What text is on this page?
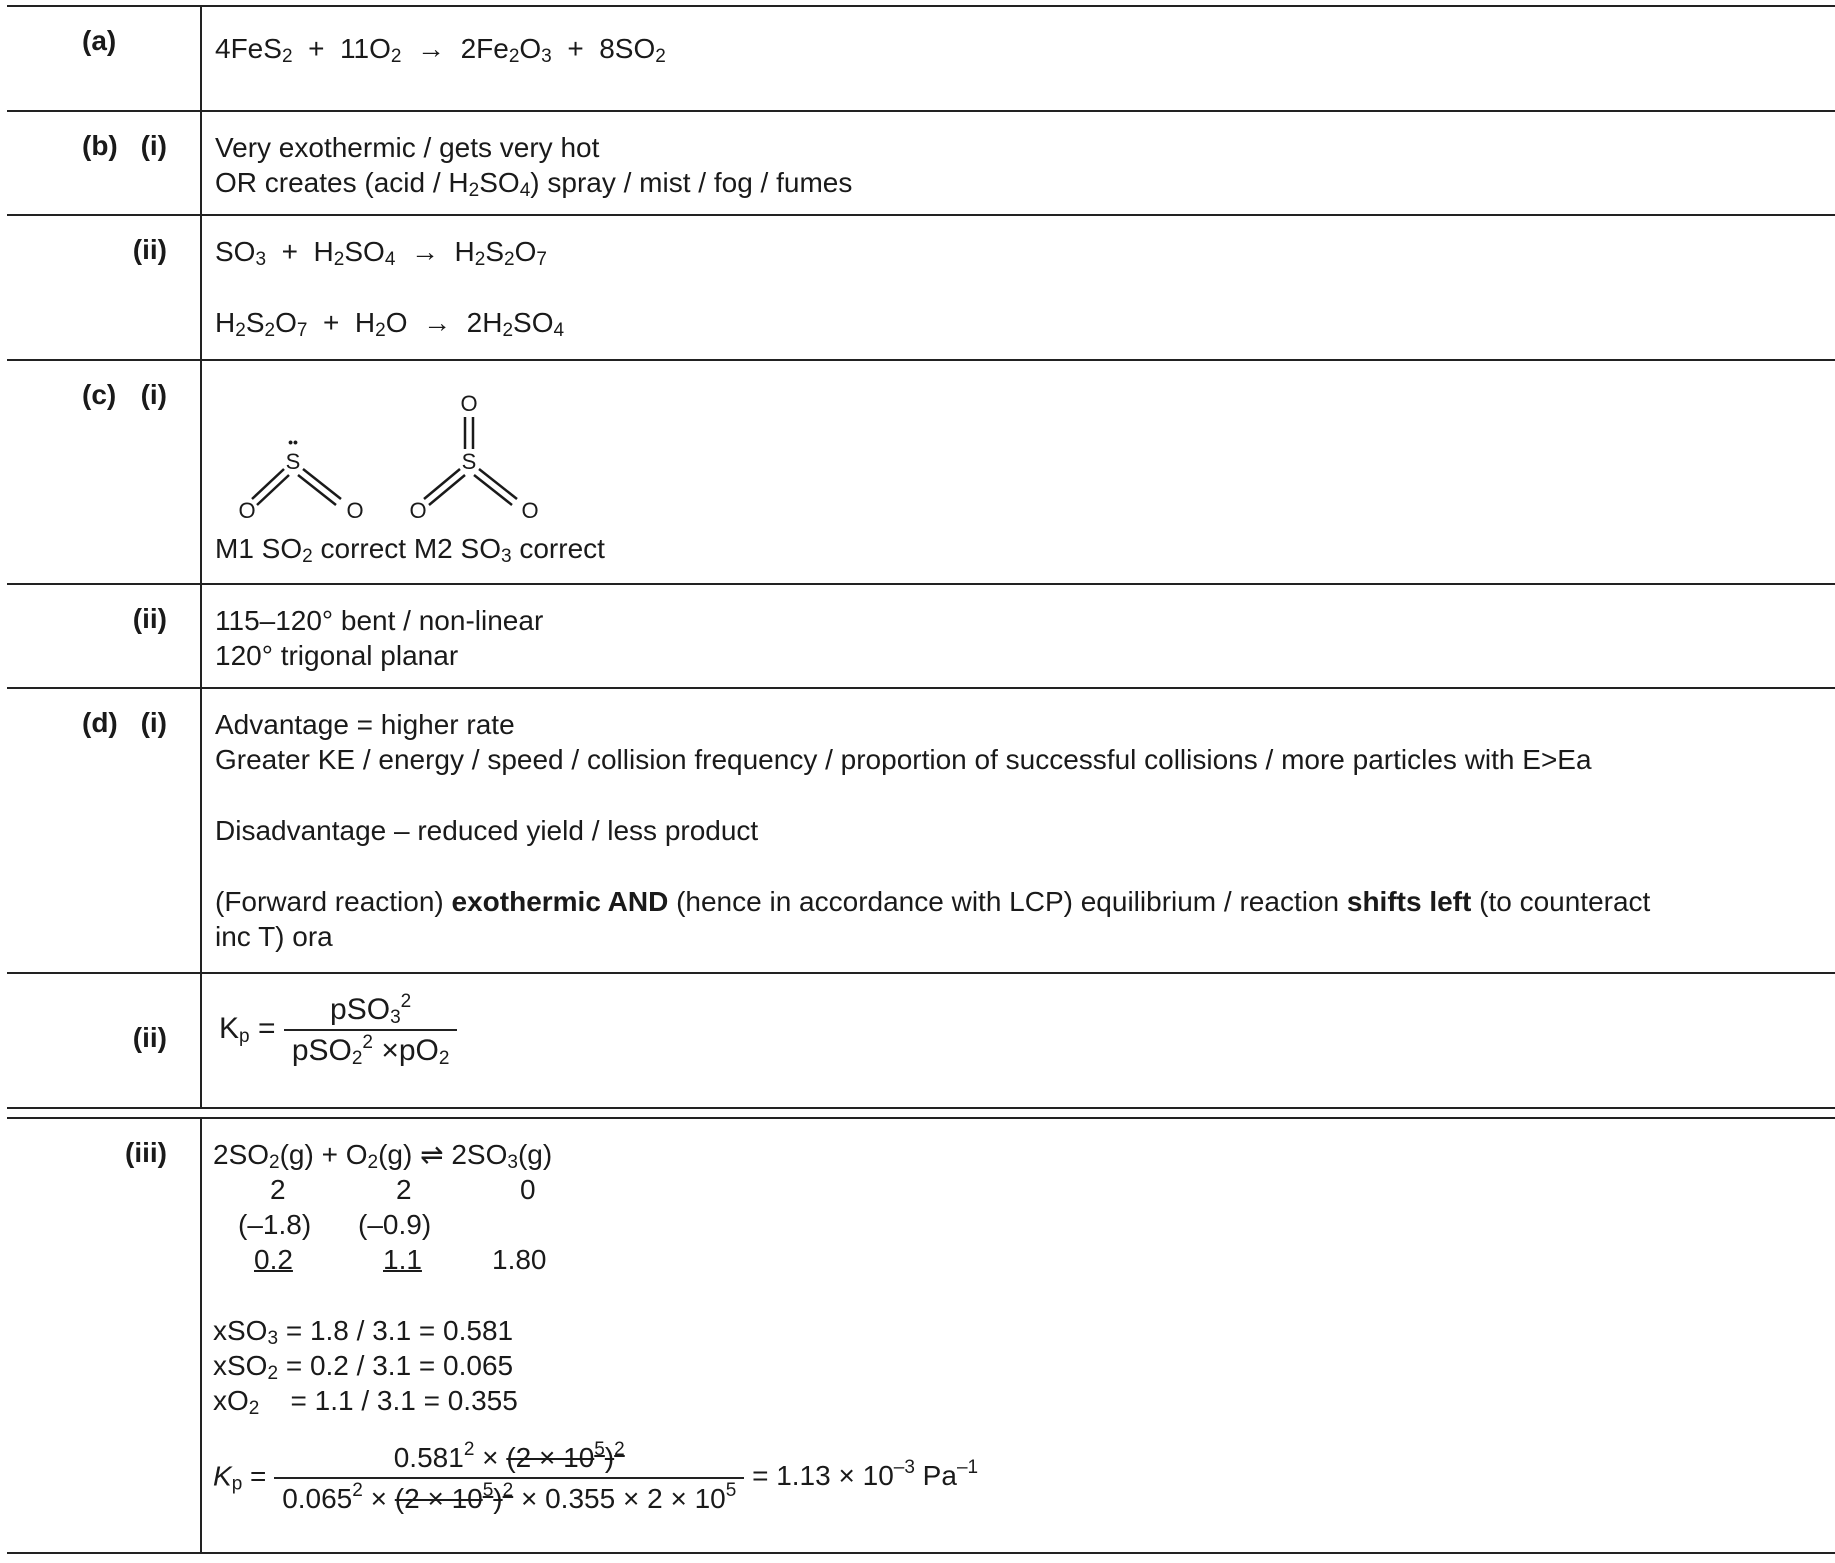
(a)	$4FeS_2 + 11O_2 \to 2Fe_2O_3 + 8SO_2$
(b) (i) Very exothermic / gets very hot
OR creates (acid / $H_2SO_4$) spray / mist / fog / fumes
(ii) $SO_3 + H_2SO_4 \to H_2S_2O_7$
$H_2S_2O_7 + H_2O \to 2H_2SO_4$
(c) (i)
S
••
O	O
S
O
O	O
M1 $SO_2$ correct M2 $SO_3$ correct
(ii) 115–120° bent / non-linear
120° trigonal planar
(d) (i) Advantage = higher rate
Greater KE / energy / speed / collision frequency / proportion of successful collisions / more particles with E>Ea
Disadvantage – reduced yield / less product
(Forward reaction) exothermic AND (hence in accordance with LCP) equilibrium / reaction shifts left (to counteract
inc T) ora
(ii) $K_p = \frac{pSO_3^2}{pSO_2^2 \times pO_2}$
(iii) $2SO_2(g) + O_2(g)$ ⇌ $2SO_3(g)$
2	2	0
(–1.8) (–0.9)
0.2	1.1	1.80
xSO$_3$ = 1.8 / 3.1 = 0.581
xSO$_2$ = 0.2 / 3.1 = 0.065
$xO_2 = 1.1 / 3.1 = 0.355$
$K_p = \frac{0.581^2 \times (2 \times 10^5)^2}{0.065^2 \times (2 \times 10^5)^2 \times 0.355 \times 2 \times 10^5} = 1.13 \times 10^{-3}$ $Pa^{-1}$
